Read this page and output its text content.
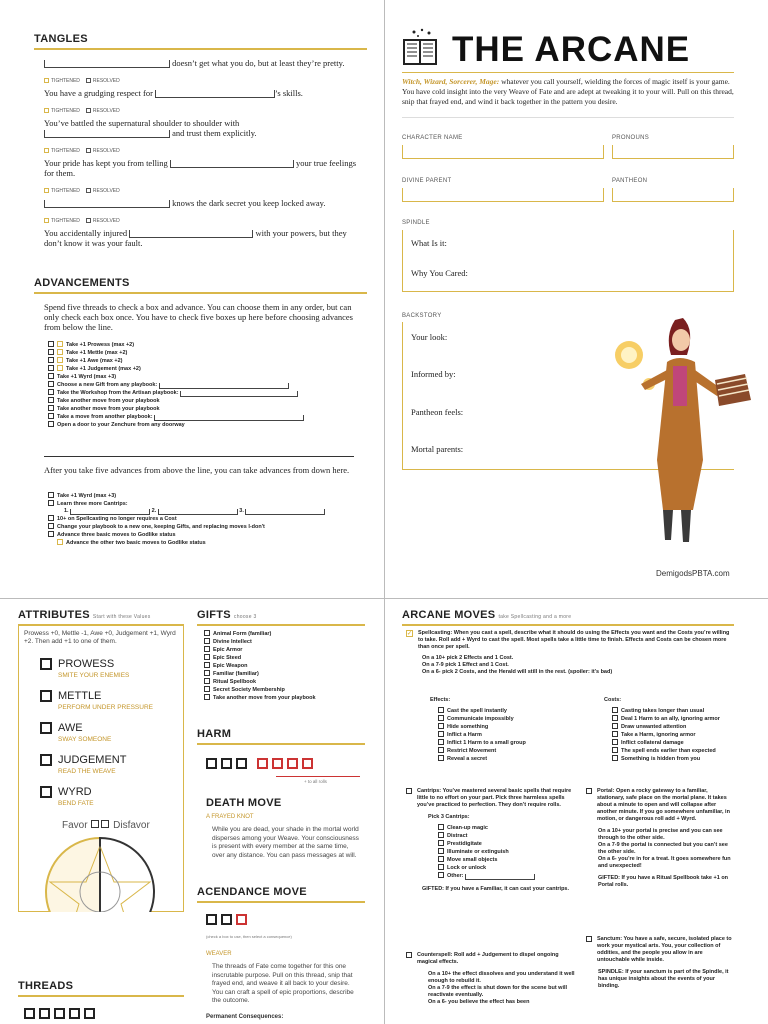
TANGLES
doesn’t get what you do, but at least they’re pretty.
TIGHTENED	RESOLVED
You have a grudging respect for	’s skills.
TIGHTENED	RESOLVED
You’ve battled the supernatural shoulder to shoulder with
and trust them explicitly.
TIGHTENED	RESOLVED
Your pride has kept you from telling	your true feelings for them.
TIGHTENED	RESOLVED
knows the dark secret you keep locked away.
TIGHTENED	RESOLVED
You accidentally injured	with your powers, but they don’t know it was your fault.
ADVANCEMENTS
Spend five threads to check a box and advance. You can choose them in any order, but can only check each box once. You have to check five boxes up here before choosing advances from below the line.
Take +1 Prowess (max +2)
Take +1 Mettle (max +2)
Take +1 Awe (max +2)
Take +1 Judgement (max +2)
Take +1 Wyrd (max +3)
Choose a new Gift from any playbook:
Take the Workshop from the Artisan playbook:
Take another move from your playbook
Take another move from your playbook
Take a move from another playbook:
Open a door to your Zenchure from any doorway
After you take five advances from above the line, you can take advances from down here.
Take +1 Wyrd (max +3)
Learn three more Cantrips:
1.	2.	3.
10+ on Spellcasting no longer requires a Cost
Change your playbook to a new one, keeping Gifts, and replacing moves I-don't
Advance three basic moves to Godlike status
Advance the other two basic moves to Godlike status
THE ARCANE
Witch, Wizard, Sorcerer, Mage: whatever you call yourself, wielding the forces of magic itself is your game. You have cold insight into the very Weave of Fate and are adept at tweaking it to your will. Pull on this thread, snip that frayed end, and wind it back together in the pattern you desire.
CHARACTER NAME	PRONOUNS
DIVINE PARENT	PANTHEON
SPINDLE
What Is it:
Why You Cared:
BACKSTORY
Your look:
Informed by:
Pantheon feels:
Mortal parents:
DemigodsPBTA.com
ATTRIBUTES Start with these Values
Prowess +0, Mettle -1, Awe +0, Judgement +1, Wyrd +2. Then add +1 to one of them.
PROWESS
SMITE YOUR ENEMIES
METTLE
PERFORM UNDER PRESSURE
AWE
SWAY SOMEONE
JUDGEMENT
READ THE WEAVE
WYRD
BEND FATE
Favor	Disfavor
THREADS
GIFTS choose 3
Animal Form (familiar)
Divine Intellect
Epic Armor
Epic Steed
Epic Weapon
Familiar (familiar)
Ritual Spellbook
Secret Society Membership
Take another move from your playbook
HARM
+ to all rolls
DEATH MOVE
A FRAYED KNOT
While you are dead, your shade in the mortal world disperses among your Weave. Your consciousness is present with every member at the same time, over any distance. You can pass messages at will.
ACENDANCE MOVE
(check a box to use, then select a consequence)
WEAVER
The threads of Fate come together for this one inscrutable purpose. Pull on this thread, snip that frayed end, and weave it all back to your desire. You can craft a spell of epic proportions, describe the outcome.
Permanent Consequences:
ARCANE MOVES take Spellcasting and a more
✓ Spellcasting: When you cast a spell, describe what it should do using the Effects you want and the Costs you’re willing to take. Roll add + Wyrd to cast the spell. Most spells take a little time to finish. Effects and Costs can be chosen more than once per spell.
On a 10+ pick 2 Effects and 1 Cost.
On a 7-9 pick 1 Effect and 1 Cost.
On a 6- pick 2 Costs, and the Herald will still in the rest. (spoiler: it's bad)
Effects:
Cast the spell instantly
Communicate impossibly
Hide something
Inflict a Harm
Inflict 1 Harm to a small group
Restrict Movement
Reveal a secret
Costs:
Casting takes longer than usual
Deal 1 Harm to an ally, ignoring armor
Draw unwanted attention
Take a Harm, ignoring armor
Inflict collateral damage
The spell ends earlier than expected
Something is hidden from you
Cantrips: You’ve mastered several basic spells that require little to no effort on your part. Pick three harmless spells you’ve practiced to perfection. They don’t require rolls.
Pick 3 Cantrips:
Clean-up magic
Distract
Prestidigitate
Illuminate or extinguish
Move small objects
Lock or unlock
Other:
GIFTED: If you have a Familiar, it can cast your cantrips.
Counterspell: Roll add + Judgement to dispel ongoing magical effects.
On a 10+ the effect dissolves and you understand it well enough to rebuild it.
On a 7-9 the effect is shut down for the scene but will reactivate eventually.
On a 6- you believe the effect has been
Portal: Open a rocky gateway to a familiar, stationary, safe place on the mortal plane. It takes about a minute to open and will collapse after another minute. If you go somewhere unfamiliar, in motion, or dangerous roll add + Wyrd.
On a 10+ your portal is precise and you can see through to the other side.
On a 7-9 the portal is connected but you can’t see the other side.
On a 6- you’re in for a treat. It goes somewhere fun and unexpected!
GIFTED: If you have a Ritual Spellbook take +1 on Portal rolls.
Sanctum: You have a safe, secure, isolated place to work your mystical arts. You, your collection of oddities, and the people you allow in are untouchable while inside.
SPINDLE: If your sanctum is part of the Spindle, it has unique insights about the events of your binding.
